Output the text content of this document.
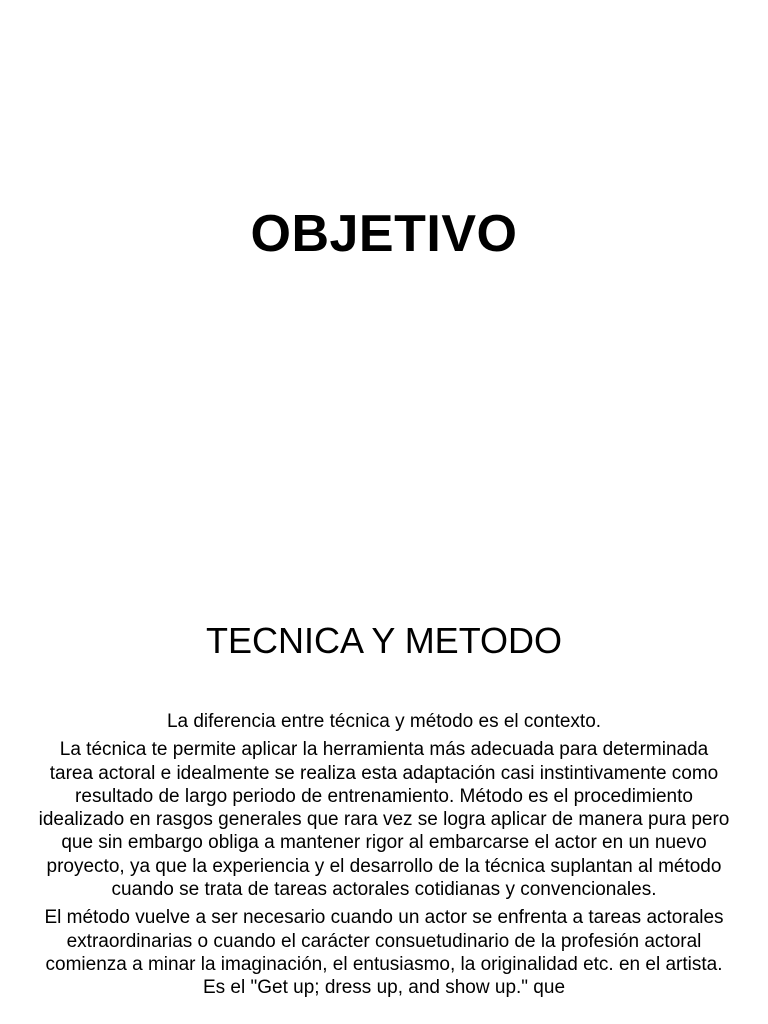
OBJETIVO
TECNICA Y METODO

La diferencia entre técnica y método es el contexto.

La técnica te permite aplicar la herramienta más adecuada para determinada tarea actoral e idealmente se realiza esta adaptación casi instintivamente como resultado de largo periodo de entrenamiento. Método es el procedimiento idealizado en rasgos generales que rara vez se logra aplicar de manera pura pero que sin embargo obliga a mantener rigor al embarcarse el actor en un nuevo proyecto, ya que la experiencia y el desarrollo de la técnica suplantan al método cuando se trata de tareas actorales cotidianas y convencionales.

El método vuelve a ser necesario cuando un actor se enfrenta a tareas actorales extraordinarias o cuando el carácter consuetudinario de la profesión actoral comienza a minar la imaginación, el entusiasmo, la originalidad etc. en el artista. Es el "Get up; dress up, and show up." que
